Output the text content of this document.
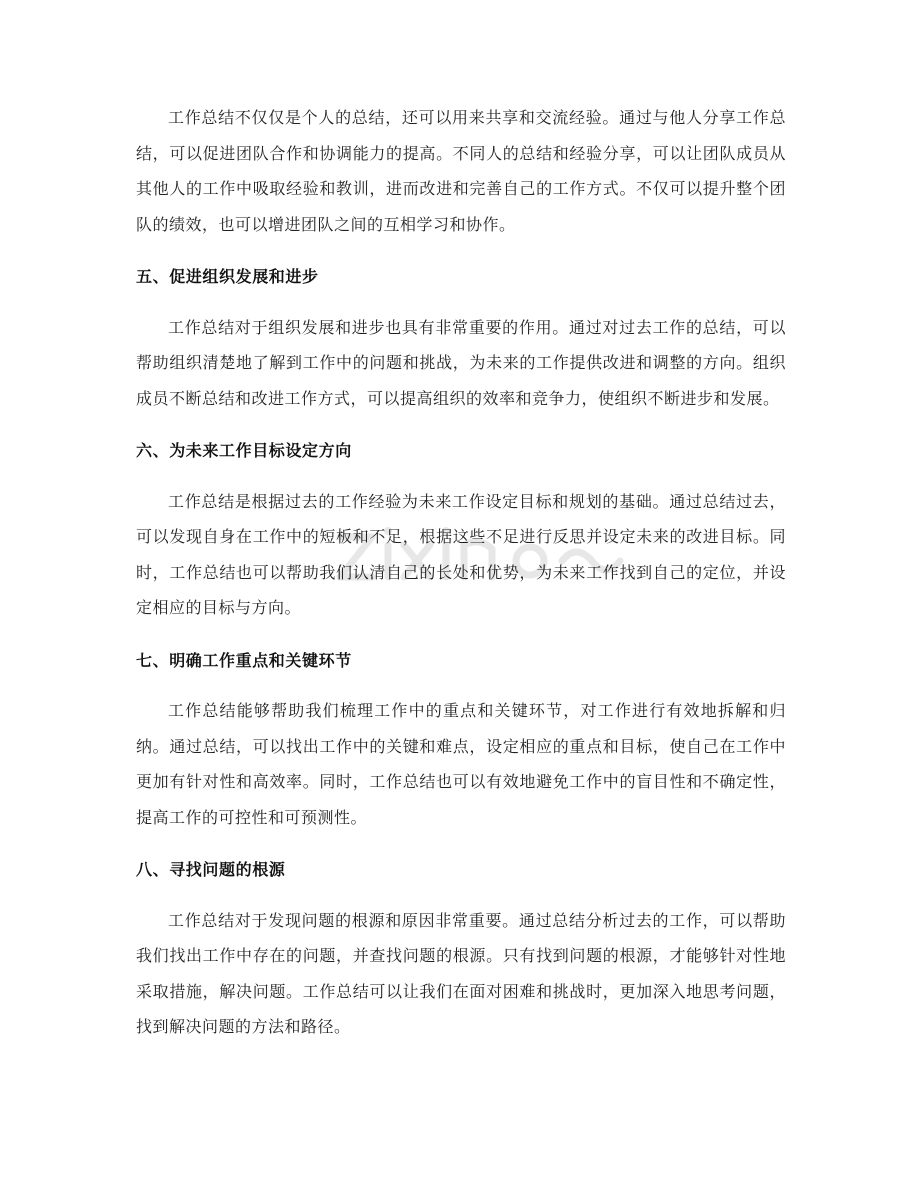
工作总结不仅仅是个人的总结，还可以用来共享和交流经验。通过与他人分享工作总结，可以促进团队合作和协调能力的提高。不同人的总结和经验分享，可以让团队成员从其他人的工作中吸取经验和教训，进而改进和完善自己的工作方式。不仅可以提升整个团队的绩效，也可以增进团队之间的互相学习和协作。

五、促进组织发展和进步

工作总结对于组织发展和进步也具有非常重要的作用。通过对过去工作的总结，可以帮助组织清楚地了解到工作中的问题和挑战，为未来的工作提供改进和调整的方向。组织成员不断总结和改进工作方式，可以提高组织的效率和竞争力，使组织不断进步和发展。

六、为未来工作目标设定方向

工作总结是根据过去的工作经验为未来工作设定目标和规划的基础。通过总结过去，可以发现自身在工作中的短板和不足，根据这些不足进行反思并设定未来的改进目标。同时，工作总结也可以帮助我们认清自己的长处和优势，为未来工作找到自己的定位，并设定相应的目标与方向。

七、明确工作重点和关键环节

工作总结能够帮助我们梳理工作中的重点和关键环节，对工作进行有效地拆解和归纳。通过总结，可以找出工作中的关键和难点，设定相应的重点和目标，使自己在工作中更加有针对性和高效率。同时，工作总结也可以有效地避免工作中的盲目性和不确定性，提高工作的可控性和可预测性。

八、寻找问题的根源

工作总结对于发现问题的根源和原因非常重要。通过总结分析过去的工作，可以帮助我们找出工作中存在的问题，并查找问题的根源。只有找到问题的根源，才能够针对性地采取措施，解决问题。工作总结可以让我们在面对困难和挑战时，更加深入地思考问题，找到解决问题的方法和路径。
